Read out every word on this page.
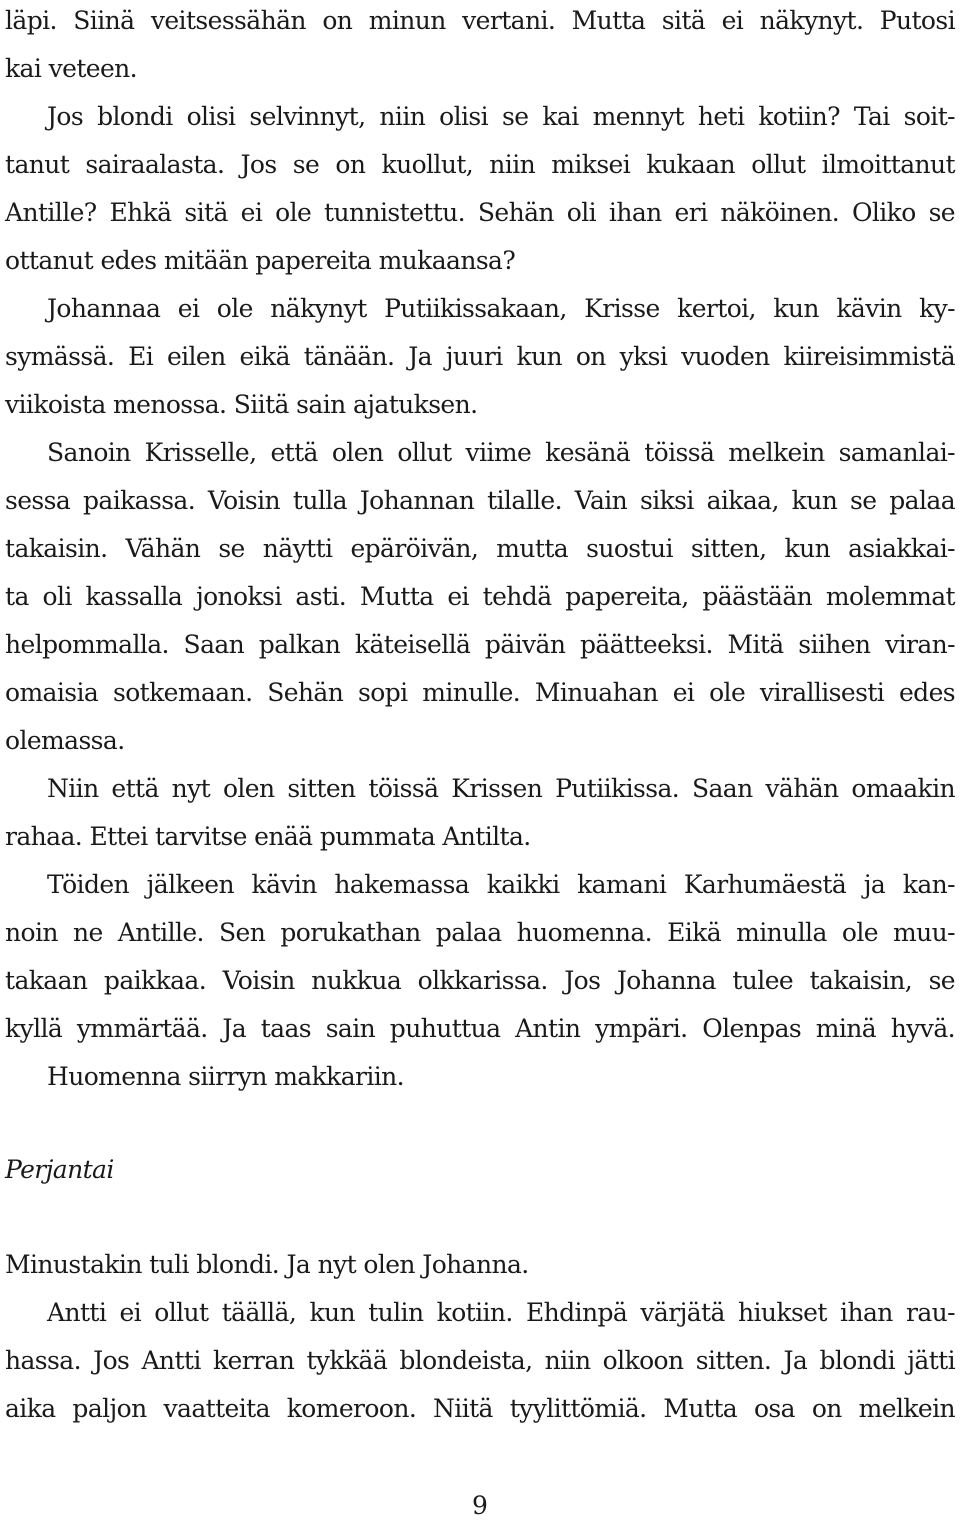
läpi. Siinä veitsessähän on minun vertani. Mutta sitä ei näkynyt. Putosi
kai veteen.
Jos blondi olisi selvinnyt, niin olisi se kai mennyt heti kotiin? Tai soit-
tanut sairaalasta. Jos se on kuollut, niin miksei kukaan ollut ilmoittanut
Antille? Ehkä sitä ei ole tunnistettu. Sehän oli ihan eri näköinen. Oliko se
ottanut edes mitään papereita mukaansa?
Johannaa ei ole näkynyt Putiikissakaan, Krisse kertoi, kun kävin ky-
symässä. Ei eilen eikä tänään. Ja juuri kun on yksi vuoden kiireisimmistä
viikoista menossa. Siitä sain ajatuksen.
Sanoin Krisselle, että olen ollut viime kesänä töissä melkein samanlai-
sessa paikassa. Voisin tulla Johannan tilalle. Vain siksi aikaa, kun se palaa
takaisin. Vähän se näytti epäröivän, mutta suostui sitten, kun asiakkai-
ta oli kassalla jonoksi asti. Mutta ei tehdä papereita, päästään molemmat
helpommalla. Saan palkan käteisellä päivän päätteeksi. Mitä siihen viran-
omaisia sotkemaan. Sehän sopi minulle. Minuahan ei ole virallisesti edes
olemassa.
Niin että nyt olen sitten töissä Krissen Putiikissa. Saan vähän omaakin
rahaa. Ettei tarvitse enää pummata Antilta.
Töiden jälkeen kävin hakemassa kaikki kamani Karhumäestä ja kan-
noin ne Antille. Sen porukathan palaa huomenna. Eikä minulla ole muu-
takaan paikkaa. Voisin nukkua olkkarissa. Jos Johanna tulee takaisin, se
kyllä ymmärtää. Ja taas sain puhuttua Antin ympäri. Olenpas minä hyvä.
Huomenna siirryn makkariin.
Perjantai
Minustakin tuli blondi. Ja nyt olen Johanna.
Antti ei ollut täällä, kun tulin kotiin. Ehdinpä värjätä hiukset ihan rau-
hassa. Jos Antti kerran tykkää blondeista, niin olkoon sitten. Ja blondi jätti
aika paljon vaatteita komeroon. Niitä tyylittömiä. Mutta osa on melkein
9
